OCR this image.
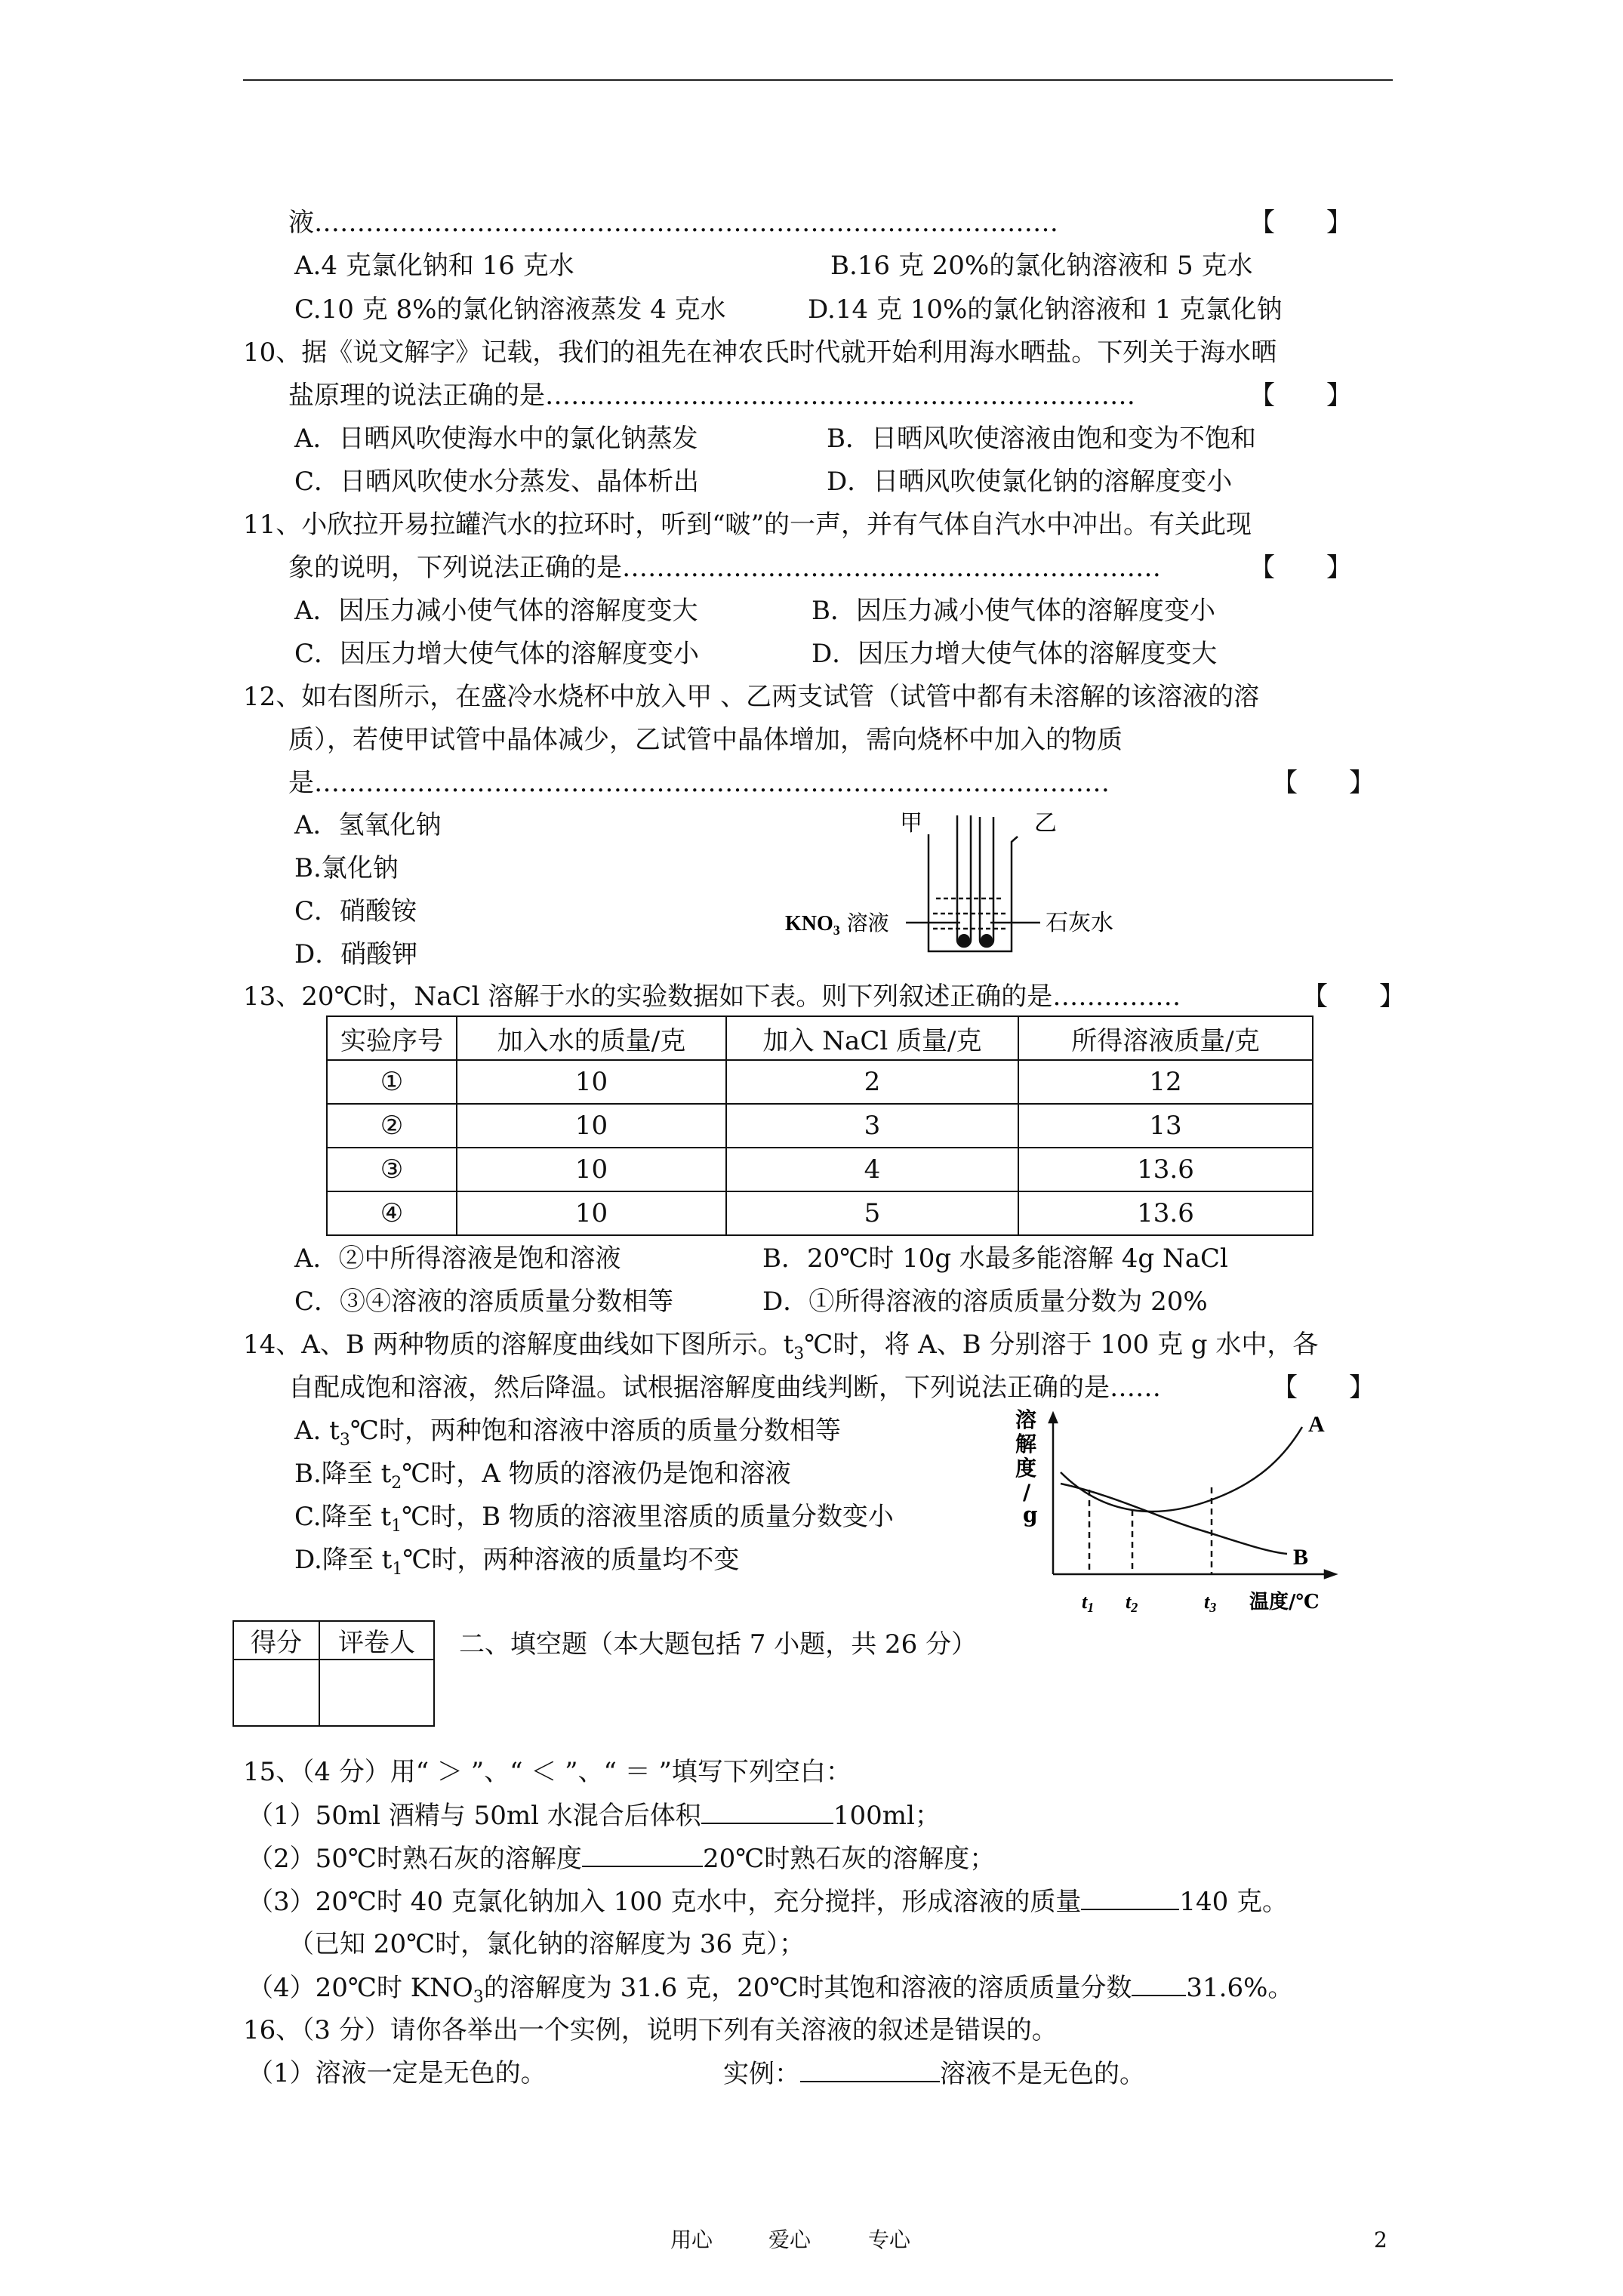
液……………………………………………………………………………	【　　】
A.4 克氯化钠和 16 克水	B.16 克 20%的氯化钠溶液和 5 克水
C.10 克 8%的氯化钠溶液蒸发 4 克水	D.14 克 10%的氯化钠溶液和 1 克氯化钠
10、据《说文解字》记载，我们的祖先在神农氏时代就开始利用海水晒盐。下列关于海水晒
盐原理的说法正确的是……………………………………………………………	【　　】
A．日晒风吹使海水中的氯化钠蒸发	B．日晒风吹使溶液由饱和变为不饱和
C．日晒风吹使水分蒸发、晶体析出	D．日晒风吹使氯化钠的溶解度变小
11、小欣拉开易拉罐汽水的拉环时，听到“啵”的一声，并有气体自汽水中冲出。有关此现
象的说明，下列说法正确的是………………………………………………………	【　　】
A．因压力减小使气体的溶解度变大	B．因压力减小使气体的溶解度变小
C．因压力增大使气体的溶解度变小	D．因压力增大使气体的溶解度变大
12、如右图所示，在盛冷水烧杯中放入甲 、乙两支试管（试管中都有未溶解的该溶液的溶
质），若使甲试管中晶体减少，乙试管中晶体增加，需向烧杯中加入的物质
是…………………………………………………………………………………	【　　】
A．氢氧化钠
B.氯化钠
C．硝酸铵
D．硝酸钾
甲	乙
$KNO_3$ 溶液	石灰水
13、20℃时，NaCl 溶解于水的实验数据如下表。则下列叙述正确的是……………	【　　】
实验序号	加入水的质量/克	加入 NaCl 质量/克	所得溶液质量/克
①	10	2	12
②	10	3	13
③	10	4	13.6
④	10	5	13.6
A．②中所得溶液是饱和溶液	B．20℃时 10g 水最多能溶解 4g NaCl
C．③④溶液的溶质质量分数相等	D．①所得溶液的溶质质量分数为 20%
14、A、B 两种物质的溶解度曲线如下图所示。$t_3℃$时，将 A、B 分别溶于 100 克 g 水中，各
自配成饱和溶液，然后降温。试根据溶解度曲线判断，下列说法正确的是……	【　　】
A. $t_3℃$时，两种饱和溶液中溶质的质量分数相等
B.降至 $t_2℃$时，A 物质的溶液仍是饱和溶液
C.降至 $t_1℃$时，B 物质的溶液里溶质的质量分数变小
D.降至 $t_1℃$时，两种溶液的质量均不变
溶
解
度
/
g
A
B
t1 t2	t3 温度/℃
得分	评卷人
	二、填空题（本大题包括 7 小题，共 26 分）
15、（4 分）用“ ＞ ”、“ ＜ ”、“ ＝ ”填写下列空白：
（1）50ml 酒精与 50ml 水混合后体积	100ml；
（2）50℃时熟石灰的溶解度	20℃时熟石灰的溶解度；
（3）20℃时 40 克氯化钠加入 100 克水中，充分搅拌，形成溶液的质量	140 克。
（已知 20℃时，氯化钠的溶解度为 36 克）；
（4）20℃时 $KNO_3$的溶解度为 31.6 克，20℃时其饱和溶液的溶质质量分数 31.6%。
16、（3 分）请你各举出一个实例，说明下列有关溶液的叙述是错误的。
（1）溶液一定是无色的。	实例：	溶液不是无色的。
用心	爱心	专心	2
